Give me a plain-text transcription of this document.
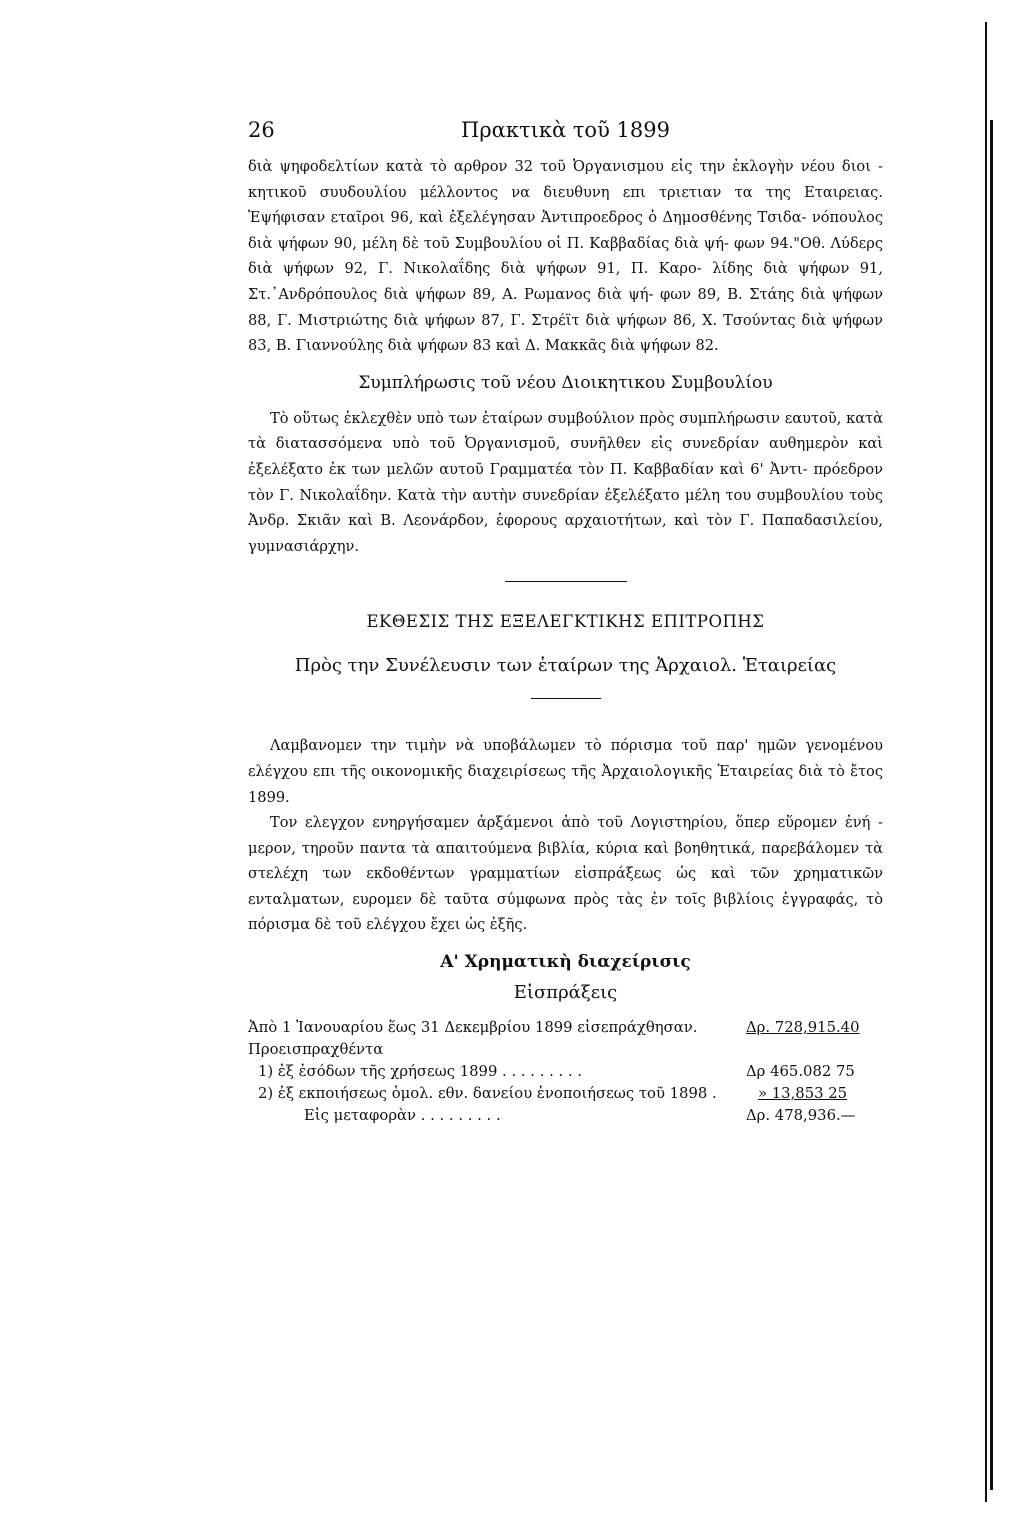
26	Πρακτικὰ τοῦ 1899

διὰ ψηφοδελτίων κατὰ τὸ αρθρον 32 τοῦ Ὀργανισμου εἰς την ἐκλογὴν νέου διοι - κητικοῦ συυδουλίου μέλλοντος να διευθυνη επι τριετιαν τα της Εταιρειας. Ἐψήφισαν εταῖροι 96, καὶ ἐξελέγησαν Ἀντιπροεδρος ὁ Δημοσθένης Τσιδα- νόπουλος διὰ ψήφων 90, μέλη δὲ τοῦ Συμβουλίου οἱ Π. Καββαδίας διὰ ψή- φων 94."Οθ. Λύδερς διὰ ψήφων 92, Γ. Νικολαΐδης διὰ ψήφων 91, Π. Καρο- λίδης διὰ ψήφων 91, Στ.᾽Ανδρόπουλος διὰ ψήφων 89, Α. Ρωμανος διὰ ψή- φων 89, Β. Στάης διὰ ψήφων 88, Γ. Μιστριώτης διὰ ψήφων 87, Γ. Στρέϊτ διὰ ψήφων 86, Χ. Τσούντας διὰ ψήφων 83, Β. Γιαννούλης διὰ ψήφων 83 καὶ Δ. Μακκᾶς διὰ ψήφων 82.

Συμπλήρωσις τοῦ νέου Διοικητικου Συμβουλίου

Τὸ οὕτως ἐκλεχθὲν υπὸ των ἑταίρων συμβούλιον πρὸς συμπλήρωσιν εαυτοῦ, κατὰ τὰ διατασσόμενα υπὸ τοῦ Ὀργανισμοῦ, συνῆλθεν εἰς συνεδρίαν αυθημερὸν καὶ ἐξελέξατο ἐκ των μελῶν αυτοῦ Γραμματέα τὸν Π. Καββαδίαν καὶ 6' Ἀντι- πρόεδρον τὸν Γ. Νικολαΐδην. Κατὰ τὴν αυτὴν συνεδρίαν ἐξελέξατο μέλη του συμβουλίου τοὺς Ἀνδρ. Σκιᾶν καὶ Β. Λεονάρδον, ἐφορους αρχαιοτήτων, καὶ τὸν Γ. Παπαδασιλείου, γυμνασιάρχην.

ΕΚΘΕΣΙΣ ΤΗΣ ΕΞΕΛΕΓΚΤΙΚΗΣ ΕΠΙΤΡΟΠΗΣ
Πρὸς την Συνέλευσιν των ἑταίρων της Ἀρχαιολ. Ἑταιρείας

Λαμβανομεν την τιμὴν νὰ υποβάλωμεν τὸ πόρισμα τοῦ παρ' ημῶν γενομένου ελέγχου επι τῆς οικονομικῆς διαχειρίσεως τῆς Ἀρχαιολογικῆς Ἑταιρείας διὰ τὸ ἔτος 1899.

Τον ελεγχον ενηργήσαμεν ἀρξάμενοι ἀπὸ τοῦ Λογιστηρίου, ὅπερ εὕρομεν ἐνή - μερον, τηροῦν παντα τὰ απαιτούμενα βιβλία, κύρια καὶ βοηθητικά, παρεβάλομεν τὰ στελέχη των εκδοθέντων γραμματίων εἰσπράξεως ὡς καὶ τῶν χρηματικῶν ενταλματων, ευρομεν δὲ ταῦτα σύμφωνα πρὸς τὰς ἐν τοῖς βιβλίοις ἐγγραφάς, τὸ πόρισμα δὲ τοῦ ελέγχου ἔχει ὡς ἐξῆς.

Α' Χρηματικὴ διαχείρισις
Εἰσπράξεις
Ἀπὸ 1 Ἰανουαρίου ἕως 31 Δεκεμβρίου 1899 εἰσεπράχθησαν.	Δρ. 728,915.40
Προεισπραχθέντα
1) ἐξ ἐσόδων τῆς χρήσεως 1899 . . . . . . . . .	Δρ 465.082 75
2) ἐξ εκποιήσεως ὁμολ. εθν. δανείου ἑνοποιήσεως τοῦ 1898 .	» 13,853 25
Εἰς μεταφορὰν . . . . . . . . .	Δρ. 478,936.—
